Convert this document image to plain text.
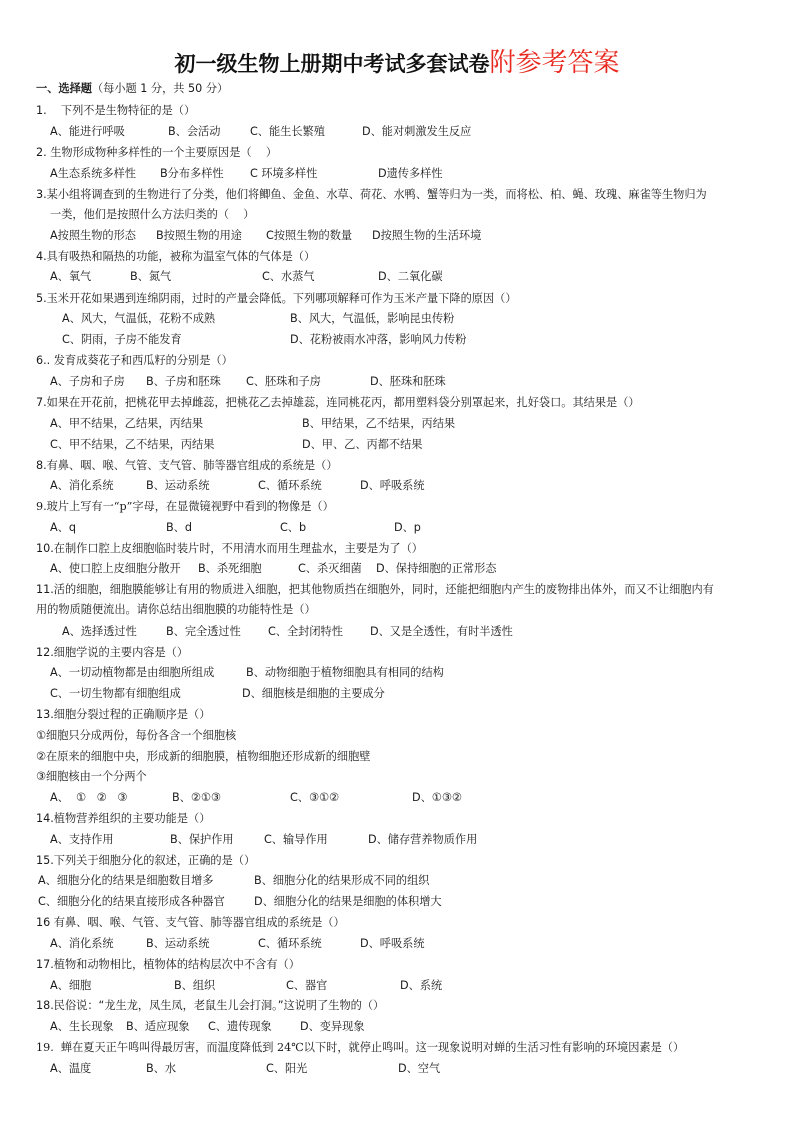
初一级生物上册期中考试多套试卷附参考答案
一、选择题（每小题 1 分，共 50 分）
1.    下列不是生物特征的是（）
A、能进行呼吸	B、会活动	C、能生长繁殖	D、能对刺激发生反应
2. 生物形成物种多样性的一个主要原因是（    ）
A生态系统多样性 B分布多样性 C 环境多样性	D遗传多样性
3.某小组将调查到的生物进行了分类，他们将鲫鱼、金鱼、水草、荷花、水鸭、蟹等归为一类，而将松、柏、蝇、玫瑰、麻雀等生物归为
一类，他们是按照什么方法归类的（    ）
A按照生物的形态 B按照生物的用途 C按照生物的数量 D按照生物的生活环境
4.具有吸热和隔热的功能，被称为温室气体的气体是（）
A、氧气	B、氮气	C、水蒸气	D、二氧化碳
5.玉米开花如果遇到连绵阴雨，过时的产量会降低。下列哪项解释可作为玉米产量下降的原因（）
A、风大，气温低，花粉不成熟	B、风大，气温低，影响昆虫传粉
C、阴雨，子房不能发育	D、花粉被雨水冲落，影响风力传粉
6.. 发育成葵花子和西瓜籽的分别是（）
A、子房和子房 B、子房和胚珠 C、胚珠和子房	D、胚珠和胚珠
7.如果在开花前，把桃花甲去掉雌蕊，把桃花乙去掉雄蕊，连同桃花丙，都用塑料袋分别罩起来，扎好袋口。其结果是（）
A、甲不结果，乙结果，丙结果	B、甲结果，乙不结果，丙结果
C、甲不结果，乙不结果，丙结果	D、甲、乙、丙都不结果
8.有鼻、咽、喉、气管、支气管、肺等器官组成的系统是（）
A、消化系统	B、运动系统	C、循环系统	D、呼吸系统
9.玻片上写有一“p”字母，在显微镜视野中看到的物像是（）
A、q	B、d	C、b	D、p
10.在制作口腔上皮细胞临时装片时，不用清水而用生理盐水，主要是为了（）
A、使口腔上皮细胞分散开 B、杀死细胞	C、杀灭细菌 D、保持细胞的正常形态
11.活的细胞，细胞膜能够让有用的物质进入细胞，把其他物质挡在细胞外，同时，还能把细胞内产生的废物排出体外，而又不让细胞内有
用的物质随便流出。请你总结出细胞膜的功能特性是（）
A、选择透过性	B、完全透过性 C、全封闭特性 D、又是全透性，有时半透性
12.细胞学说的主要内容是（）
A、一切动植物都是由细胞所组成	B、动物细胞于植物细胞具有相同的结构
C、一切生物都有细胞组成	D、细胞核是细胞的主要成分
13.细胞分裂过程的正确顺序是（）
①细胞只分成两份，每份各含一个细胞核
②在原来的细胞中央，形成新的细胞膜，植物细胞还形成新的细胞壁
③细胞核由一个分两个
A、  ①   ②   ③	B、②①③	C、③①②	D、①③②
14.植物营养组织的主要功能是（）
A、支持作用	B、保护作用	C、输导作用	D、储存营养物质作用
15.下列关于细胞分化的叙述，正确的是（）
A、细胞分化的结果是细胞数目增多	B、细胞分化的结果形成不同的组织
C、细胞分化的结果直接形成各种器官	D、细胞分化的结果是细胞的体积增大
16 有鼻、咽、喉、气管、支气管、肺等器官组成的系统是（）
A、消化系统	B、运动系统	C、循环系统	D、呼吸系统
17.植物和动物相比，植物体的结构层次中不含有（）
A、细胞	B、组织	C、器官	D、系统
18.民俗说：“龙生龙，凤生凤，老鼠生儿会打洞。”这说明了生物的（）
A、生长现象 B、适应现象 C、遗传现象	D、变异现象
19.  蝉在夏天正午鸣叫得最厉害，而温度降低到 24℃以下时，就停止鸣叫。这一现象说明对蝉的生活习性有影响的环境因素是（）
A、温度	B、水	C、阳光	D、空气
